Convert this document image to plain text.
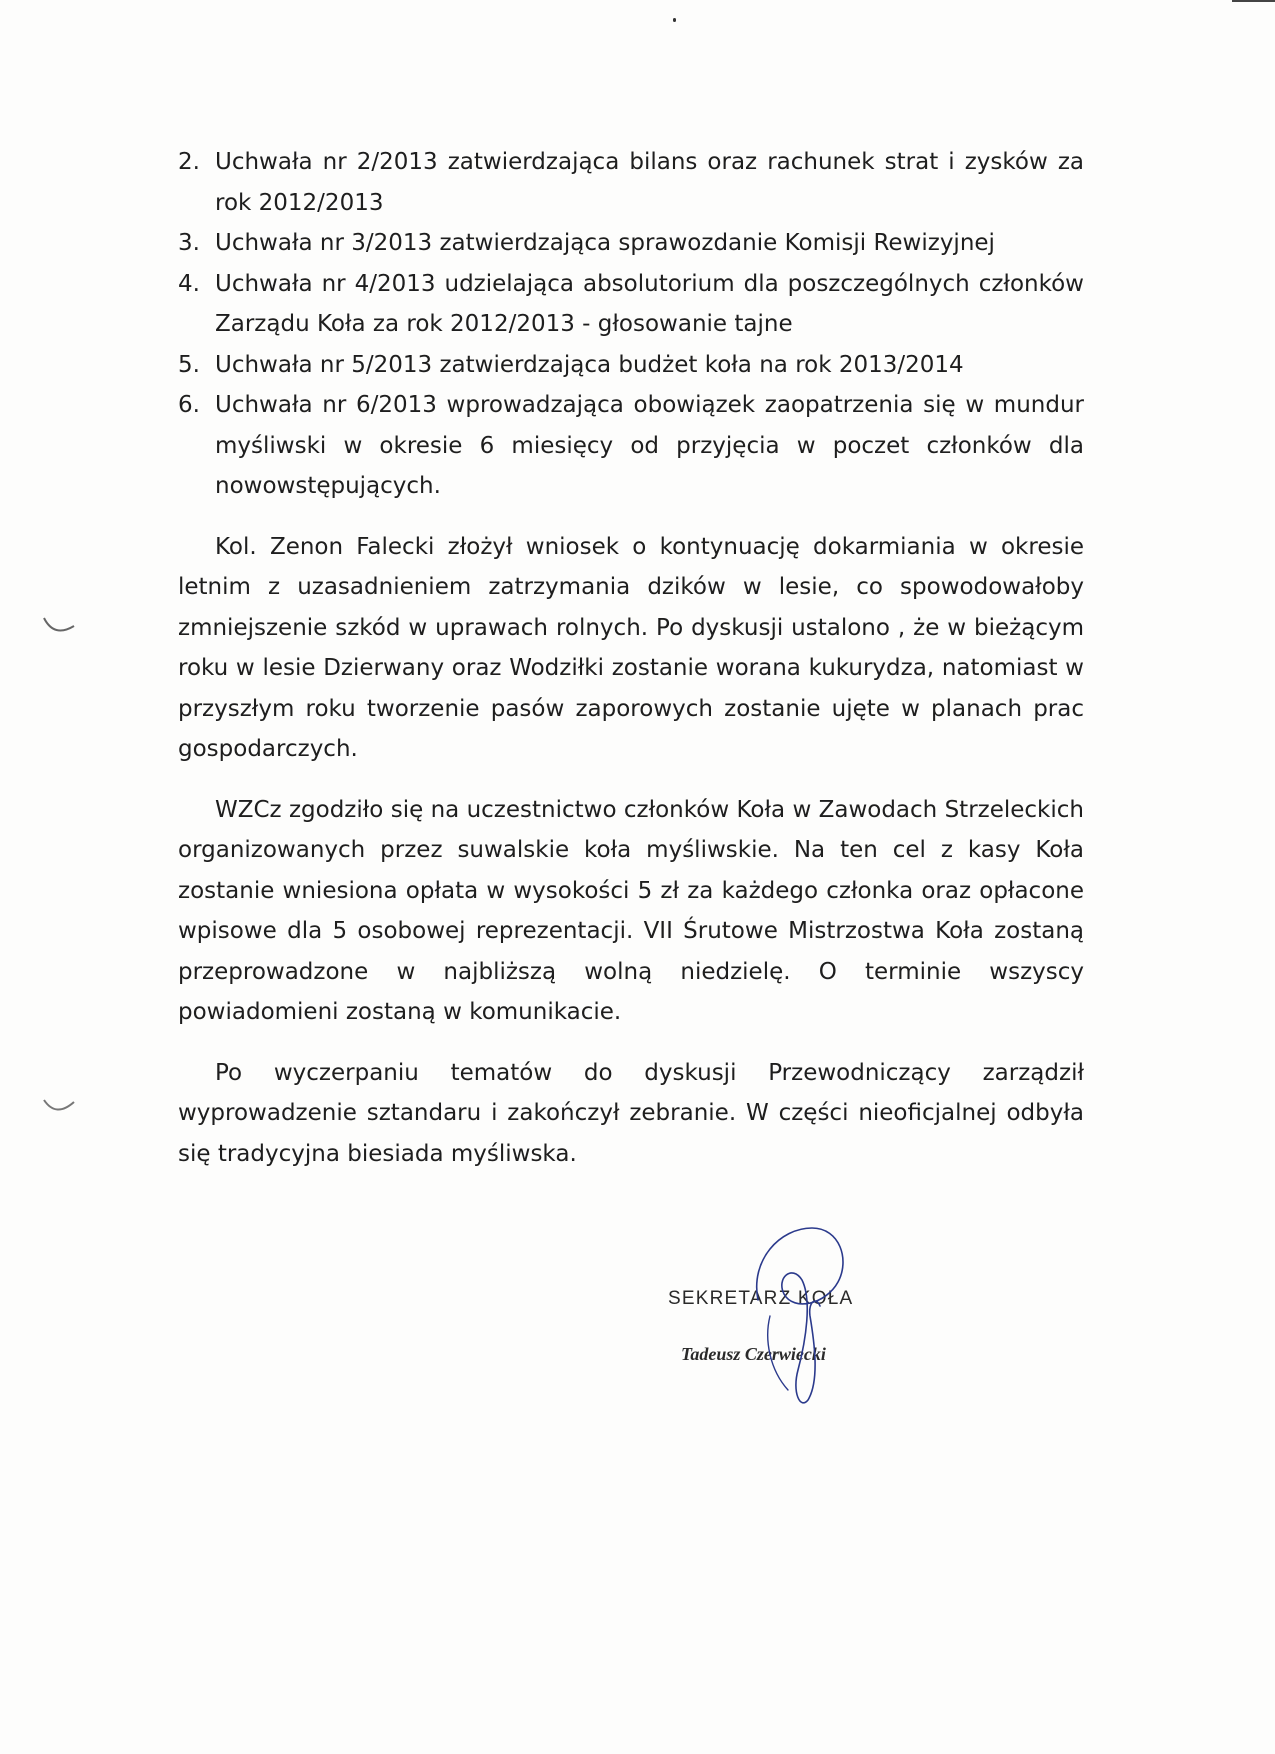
2. Uchwała nr 2/2013 zatwierdzająca bilans oraz rachunek strat i zysków za rok 2012/2013
3. Uchwała nr 3/2013 zatwierdzająca sprawozdanie Komisji Rewizyjnej
4. Uchwała nr 4/2013 udzielająca absolutorium dla poszczególnych członków Zarządu Koła za rok 2012/2013 - głosowanie tajne
5. Uchwała nr 5/2013 zatwierdzająca budżet koła na rok 2013/2014
6. Uchwała nr 6/2013 wprowadzająca obowiązek zaopatrzenia się w mundur myśliwski w okresie 6 miesięcy od przyjęcia w poczet członków dla nowowstępujących.

Kol. Zenon Falecki złożył wniosek o kontynuację dokarmiania w okresie letnim z uzasadnieniem zatrzymania dzików w lesie, co spowodowałoby zmniejszenie szkód w uprawach rolnych. Po dyskusji ustalono , że w bieżącym roku w lesie Dzierwany oraz Wodziłki zostanie worana kukurydza, natomiast w przyszłym roku tworzenie pasów zaporowych zostanie ujęte w planach prac gospodarczych.

WZCz zgodziło się na uczestnictwo członków Koła w Zawodach Strzeleckich organizowanych przez suwalskie koła myśliwskie. Na ten cel z kasy Koła zostanie wniesiona opłata w wysokości 5 zł za każdego członka oraz opłacone wpisowe dla 5 osobowej reprezentacji. VII Śrutowe Mistrzostwa Koła zostaną przeprowadzone w najbliższą wolną niedzielę. O terminie wszyscy powiadomieni zostaną w komunikacie.

Po wyczerpaniu tematów do dyskusji Przewodniczący zarządził wyprowadzenie sztandaru i zakończył zebranie. W części nieoficjalnej odbyła się tradycyjna biesiada myśliwska.

SEKRETARZ KOŁA
Tadeusz Czerwiecki
